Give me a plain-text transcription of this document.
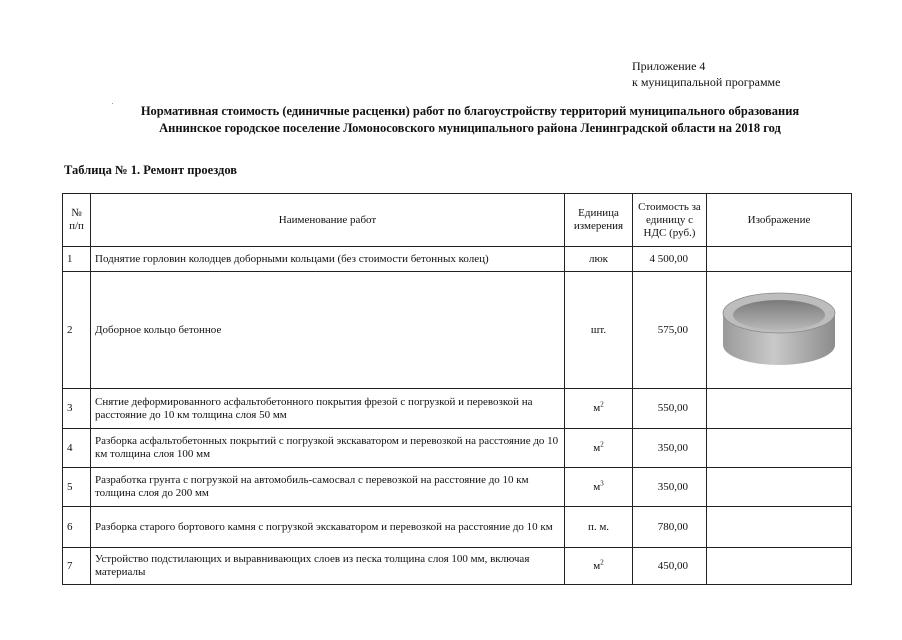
Приложение 4
к муниципальной программе
Нормативная стоимость (единичные расценки) работ по благоустройству территорий муниципального образования
Аннинское городское поселение Ломоносовского муниципального района Ленинградской области на 2018 год
Таблица № 1. Ремонт проездов
№ п/п	Наименование работ	Единица измерения	Стоимость за единицу с НДС (руб.)	Изображение
1	Поднятие горловин колодцев доборными кольцами (без стоимости бетонных колец)	люк	4 500,00	
2	Доборное кольцо бетонное	шт.	575,00	

3	Снятие деформированного асфальтобетонного покрытия фрезой с погрузкой и перевозкой на расстояние до 10 км толщина слоя 50 мм	$м^2$	550,00	
4	Разборка асфальтобетонных покрытий с погрузкой экскаватором и перевозкой на расстояние до 10 км толщина слоя 100 мм	$м^2$	350,00	
5	Разработка грунта с погрузкой на автомобиль-самосвал с перевозкой на расстояние до 10 км толщина слоя до 200 мм	$м^3$	350,00	
6	Разборка старого бортового камня с погрузкой экскаватором и перевозкой на расстояние до 10 км	п. м.	780,00	
7	Устройство подстилающих и выравнивающих слоев из песка толщина слоя 100 мм, включая материалы	$м^2$	450,00	
